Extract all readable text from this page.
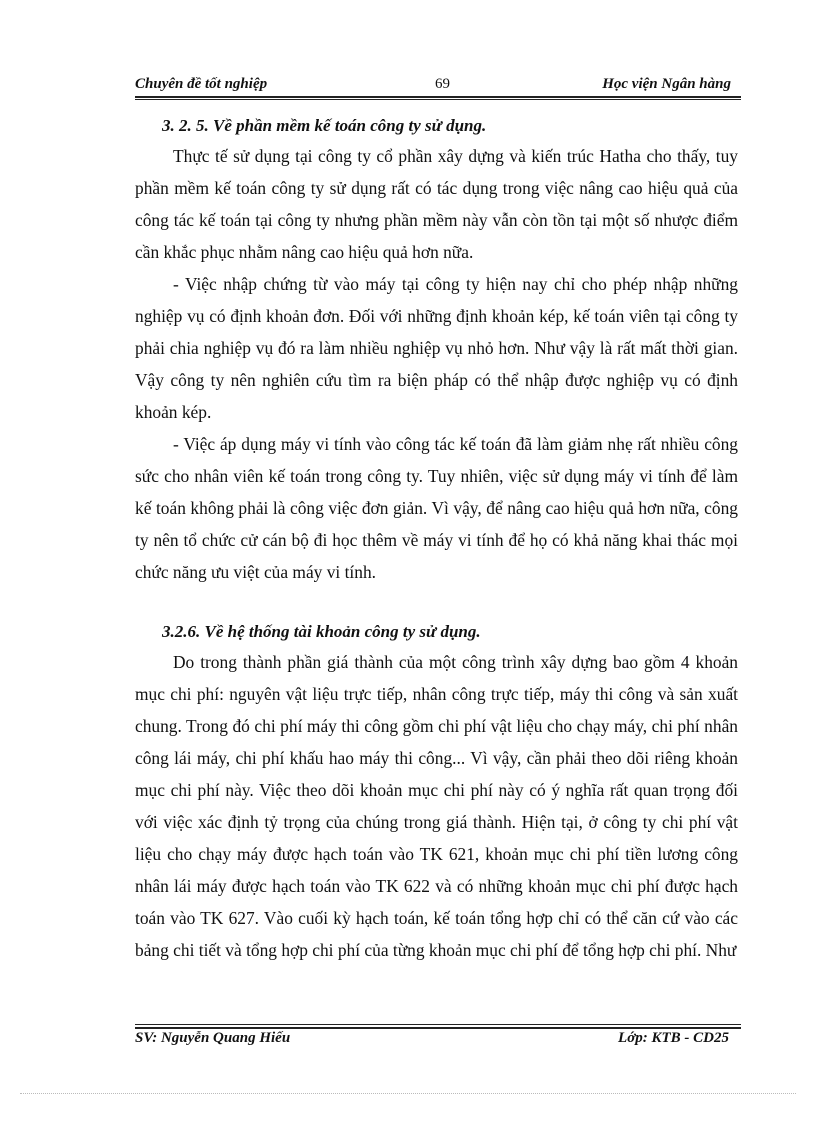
Chuyên đề tốt nghiệp	69	Học viện Ngân hàng
3. 2. 5. Về phần mềm kế toán công ty sử dụng.

Thực tế sử dụng tại công ty cổ phần xây dựng và kiến trúc Hatha cho thấy, tuy phần mềm kế toán công ty sử dụng rất có tác dụng trong việc nâng cao hiệu quả của công tác kế toán tại công ty nhưng phần mềm này vẫn còn tồn tại một số nhược điểm cần khắc phục nhằm nâng cao hiệu quả hơn nữa.

- Việc nhập chứng từ vào máy tại công ty hiện nay chỉ cho phép nhập những nghiệp vụ có định khoản đơn. Đối với những định khoản kép, kế toán viên tại công ty phải chia nghiệp vụ đó ra làm nhiều nghiệp vụ nhỏ hơn. Như vậy là rất mất thời gian. Vậy công ty nên nghiên cứu tìm ra biện pháp có thể nhập được nghiệp vụ có định khoản kép.

- Việc áp dụng máy vi tính vào công tác kế toán đã làm giảm nhẹ rất nhiều công sức cho nhân viên kế toán trong công ty. Tuy nhiên, việc sử dụng máy vi tính để làm kế toán không phải là công việc đơn giản. Vì vậy, để nâng cao hiệu quả hơn nữa, công ty nên tổ chức cử cán bộ đi học thêm về máy vi tính để họ có khả năng khai thác mọi chức năng ưu việt của máy vi tính.

3.2.6. Về hệ thống tài khoản công ty sử dụng.

Do trong thành phần giá thành của một công trình xây dựng bao gồm 4 khoản mục chi phí: nguyên vật liệu trực tiếp, nhân công trực tiếp, máy thi công và sản xuất chung. Trong đó chi phí máy thi công gồm chi phí vật liệu cho chạy máy, chi phí nhân công lái máy, chi phí khấu hao máy thi công... Vì vậy, cần phải theo dõi riêng khoản mục chi phí này. Việc theo dõi khoản mục chi phí này có ý nghĩa rất quan trọng đối với việc xác định tỷ trọng của chúng trong giá thành. Hiện tại, ở công ty chi phí vật liệu cho chạy máy được hạch toán vào TK 621, khoản mục chi phí tiền lương công nhân lái máy được hạch toán vào TK 622 và có những khoản mục chi phí được hạch toán vào TK 627. Vào cuối kỳ hạch toán, kế toán tổng hợp chỉ có thể căn cứ vào các bảng chi tiết và tổng hợp chi phí của từng khoản mục chi phí để tổng hợp chi phí. Như

SV: Nguyễn Quang Hiếu	Lớp: KTB - CD25
